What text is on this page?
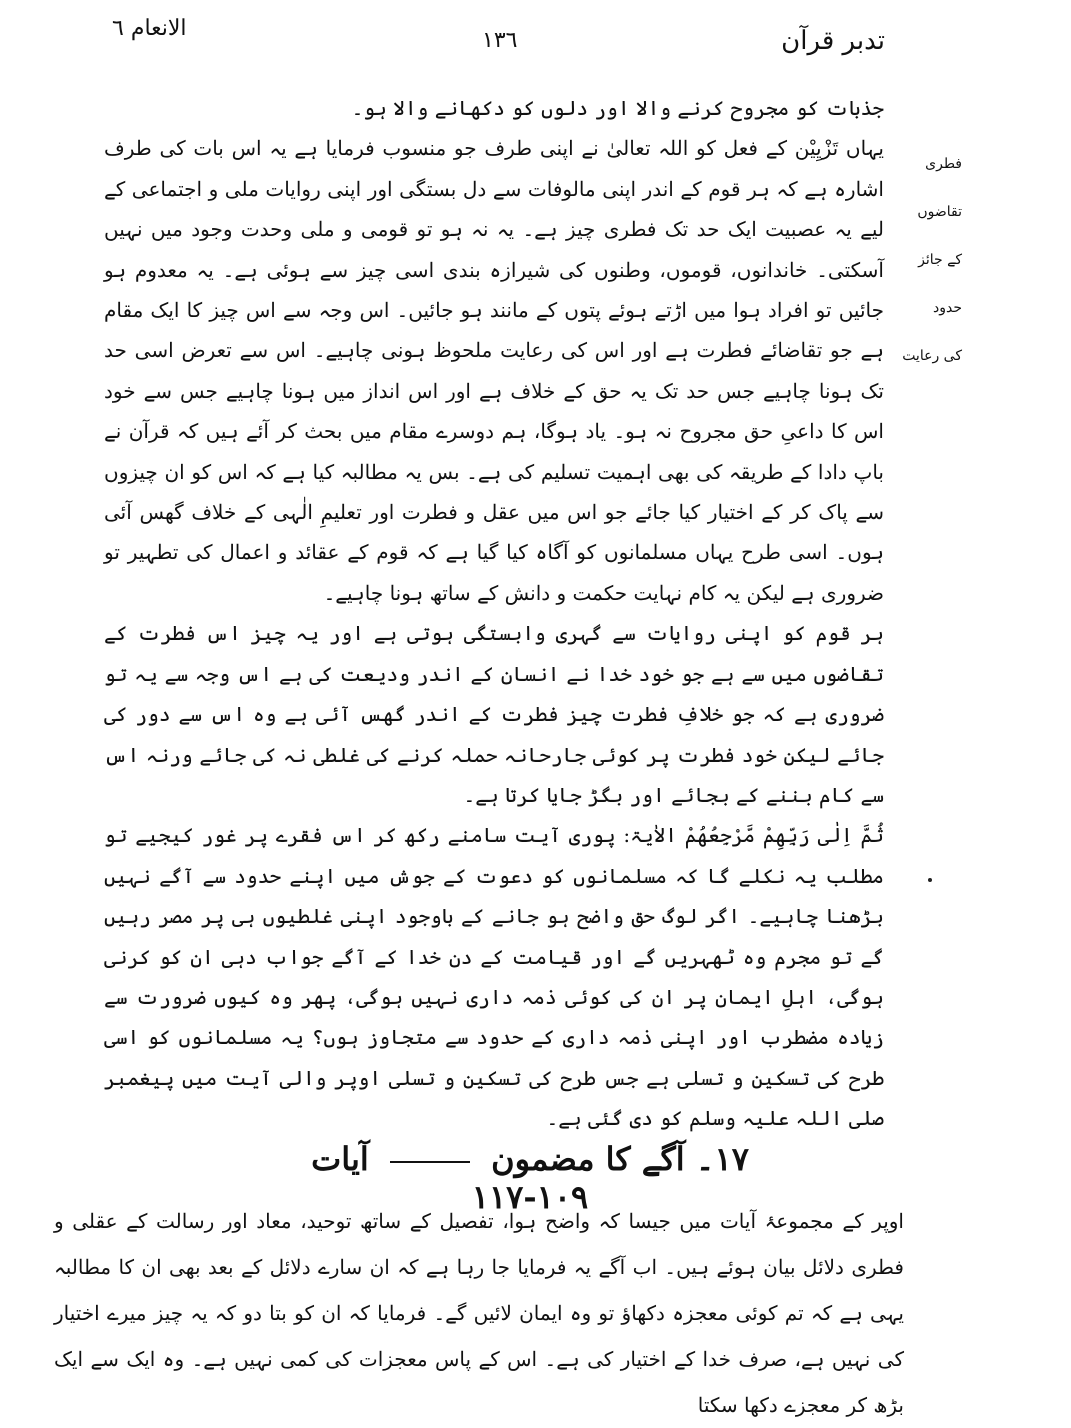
الانعام ٦	١٣٦	تدبر قرآن
فطری تقاضوں
کے جائز حدود
کی رعایت

جذبات کو مجروح کرنے والا اور دلوں کو دکھانے والا ہو۔

یہاں تَزْیِیْن کے فعل کو اللہ تعالیٰ نے اپنی طرف جو منسوب فرمایا ہے یہ اس بات کی طرف اشارہ ہے کہ ہر قوم کے اندر اپنی مالوفات سے دل بستگی اور اپنی روایات ملی و اجتماعی کے لیے یہ عصبیت ایک حد تک فطری چیز ہے۔ یہ نہ ہو تو قومی و ملی وحدت وجود میں نہیں آسکتی۔ خاندانوں، قوموں، وطنوں کی شیرازہ بندی اسی چیز سے ہوئی ہے۔ یہ معدوم ہو جائیں تو افراد ہوا میں اڑتے ہوئے پتوں کے مانند ہو جائیں۔ اس وجہ سے اس چیز کا ایک مقام ہے جو تقاضائے فطرت ہے اور اس کی رعایت ملحوظ ہونی چاہیے۔ اس سے تعرض اسی حد تک ہونا چاہیے جس حد تک یہ حق کے خلاف ہے اور اس انداز میں ہونا چاہیے جس سے خود اس کا داعیِ حق مجروح نہ ہو۔ یاد ہوگا، ہم دوسرے مقام میں بحث کر آئے ہیں کہ قرآن نے باپ دادا کے طریقہ کی بھی اہمیت تسلیم کی ہے۔ بس یہ مطالبہ کیا ہے کہ اس کو ان چیزوں سے پاک کر کے اختیار کیا جائے جو اس میں عقل و فطرت اور تعلیمِ الٰہی کے خلاف گھس آئی ہوں۔ اسی طرح یہاں مسلمانوں کو آگاہ کیا گیا ہے کہ قوم کے عقائد و اعمال کی تطہیر تو ضروری ہے لیکن یہ کام نہایت حکمت و دانش کے ساتھ ہونا چاہیے۔

ہر قوم کو اپنی روایات سے گہری وابستگی ہوتی ہے اور یہ چیز اس فطرت کے تقاضوں میں سے ہے جو خود خدا نے انسان کے اندر ودیعت کی ہے اس وجہ سے یہ تو ضروری ہے کہ جو خلافِ فطرت چیز فطرت کے اندر گھس آئی ہے وہ اس سے دور کی جائے لیکن خود فطرت پر کوئی جارحانہ حملہ کرنے کی غلطی نہ کی جائے ورنہ اس سے کام بننے کے بجائے اور بگڑ جایا کرتا ہے۔

ثُمَّ اِلٰی رَبِّهِمْ مَّرْجِعُهُمْ الاٰیۃ: پوری آیت سامنے رکھ کر اس فقرے پر غور کیجیے تو مطلب یہ نکلے گا کہ مسلمانوں کو دعوت کے جوش میں اپنے حدود سے آگے نہیں بڑھنا چاہیے۔ اگر لوگ حق واضح ہو جانے کے باوجود اپنی غلطیوں ہی پر مصر رہیں گے تو مجرم وہ ٹھہریں گے اور قیامت کے دن خدا کے آگے جواب دہی ان کو کرنی ہوگی، اہلِ ایمان پر ان کی کوئی ذمہ داری نہیں ہوگی، پھر وہ کیوں ضرورت سے زیادہ مضطرب اور اپنی ذمہ داری کے حدود سے متجاوز ہوں؟ یہ مسلمانوں کو اسی طرح کی تسکین و تسلی ہے جس طرح کی تسکین و تسلی اوپر والی آیت میں پیغمبر صلی اللہ علیہ وسلم کو دی گئی ہے۔

۱۷۔ آگے کا مضمون  آیات ۱۰۹-۱۱۷

اوپر کے مجموعۂ آیات میں جیسا کہ واضح ہوا، تفصیل کے ساتھ توحید، معاد اور رسالت کے عقلی و فطری دلائل بیان ہوئے ہیں۔ اب آگے یہ فرمایا جا رہا ہے کہ ان سارے دلائل کے بعد بھی ان کا مطالبہ یہی ہے کہ تم کوئی معجزہ دکھاؤ تو وہ ایمان لائیں گے۔ فرمایا کہ ان کو بتا دو کہ یہ چیز میرے اختیار کی نہیں ہے، صرف خدا کے اختیار کی ہے۔ اس کے پاس معجزات کی کمی نہیں ہے۔ وہ ایک سے ایک بڑھ کر معجزے دکھا سکتا
